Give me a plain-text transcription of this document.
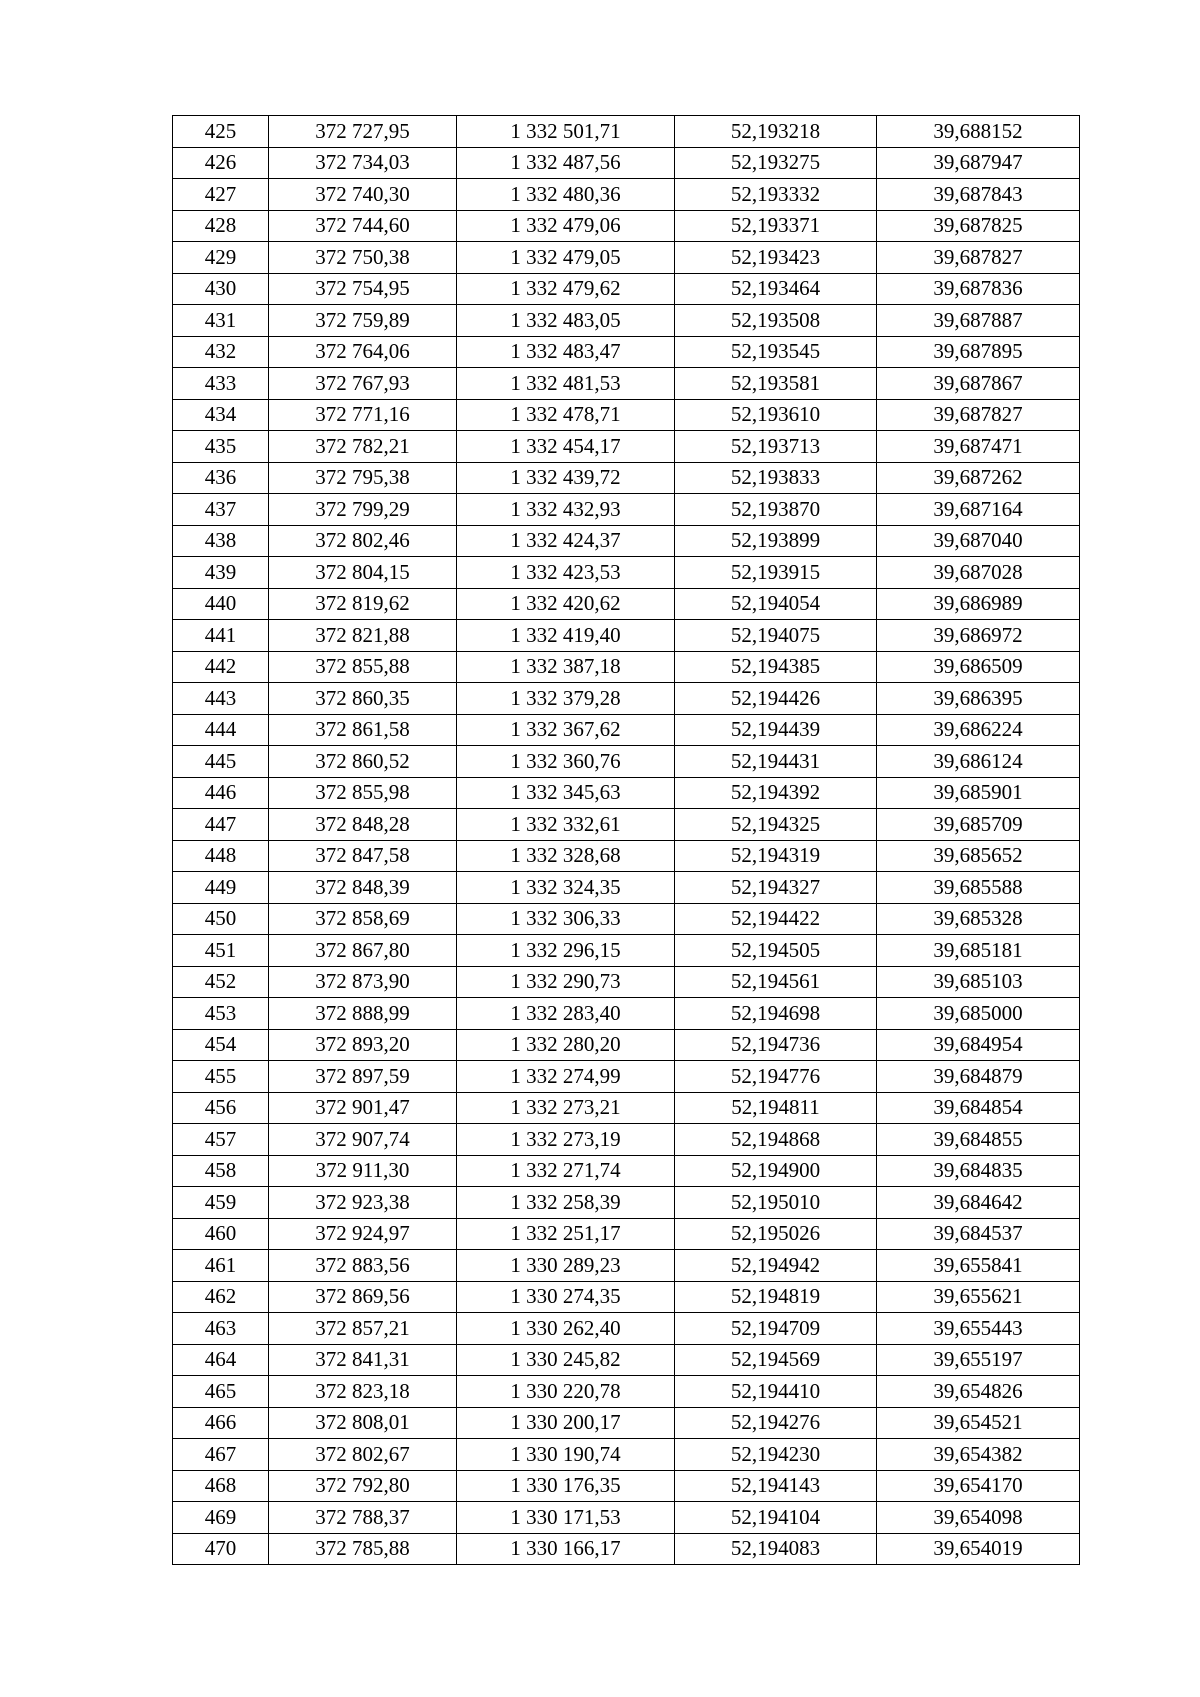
425	372 727,95	1 332 501,71	52,193218	39,688152
426	372 734,03	1 332 487,56	52,193275	39,687947
427	372 740,30	1 332 480,36	52,193332	39,687843
428	372 744,60	1 332 479,06	52,193371	39,687825
429	372 750,38	1 332 479,05	52,193423	39,687827
430	372 754,95	1 332 479,62	52,193464	39,687836
431	372 759,89	1 332 483,05	52,193508	39,687887
432	372 764,06	1 332 483,47	52,193545	39,687895
433	372 767,93	1 332 481,53	52,193581	39,687867
434	372 771,16	1 332 478,71	52,193610	39,687827
435	372 782,21	1 332 454,17	52,193713	39,687471
436	372 795,38	1 332 439,72	52,193833	39,687262
437	372 799,29	1 332 432,93	52,193870	39,687164
438	372 802,46	1 332 424,37	52,193899	39,687040
439	372 804,15	1 332 423,53	52,193915	39,687028
440	372 819,62	1 332 420,62	52,194054	39,686989
441	372 821,88	1 332 419,40	52,194075	39,686972
442	372 855,88	1 332 387,18	52,194385	39,686509
443	372 860,35	1 332 379,28	52,194426	39,686395
444	372 861,58	1 332 367,62	52,194439	39,686224
445	372 860,52	1 332 360,76	52,194431	39,686124
446	372 855,98	1 332 345,63	52,194392	39,685901
447	372 848,28	1 332 332,61	52,194325	39,685709
448	372 847,58	1 332 328,68	52,194319	39,685652
449	372 848,39	1 332 324,35	52,194327	39,685588
450	372 858,69	1 332 306,33	52,194422	39,685328
451	372 867,80	1 332 296,15	52,194505	39,685181
452	372 873,90	1 332 290,73	52,194561	39,685103
453	372 888,99	1 332 283,40	52,194698	39,685000
454	372 893,20	1 332 280,20	52,194736	39,684954
455	372 897,59	1 332 274,99	52,194776	39,684879
456	372 901,47	1 332 273,21	52,194811	39,684854
457	372 907,74	1 332 273,19	52,194868	39,684855
458	372 911,30	1 332 271,74	52,194900	39,684835
459	372 923,38	1 332 258,39	52,195010	39,684642
460	372 924,97	1 332 251,17	52,195026	39,684537
461	372 883,56	1 330 289,23	52,194942	39,655841
462	372 869,56	1 330 274,35	52,194819	39,655621
463	372 857,21	1 330 262,40	52,194709	39,655443
464	372 841,31	1 330 245,82	52,194569	39,655197
465	372 823,18	1 330 220,78	52,194410	39,654826
466	372 808,01	1 330 200,17	52,194276	39,654521
467	372 802,67	1 330 190,74	52,194230	39,654382
468	372 792,80	1 330 176,35	52,194143	39,654170
469	372 788,37	1 330 171,53	52,194104	39,654098
470	372 785,88	1 330 166,17	52,194083	39,654019
